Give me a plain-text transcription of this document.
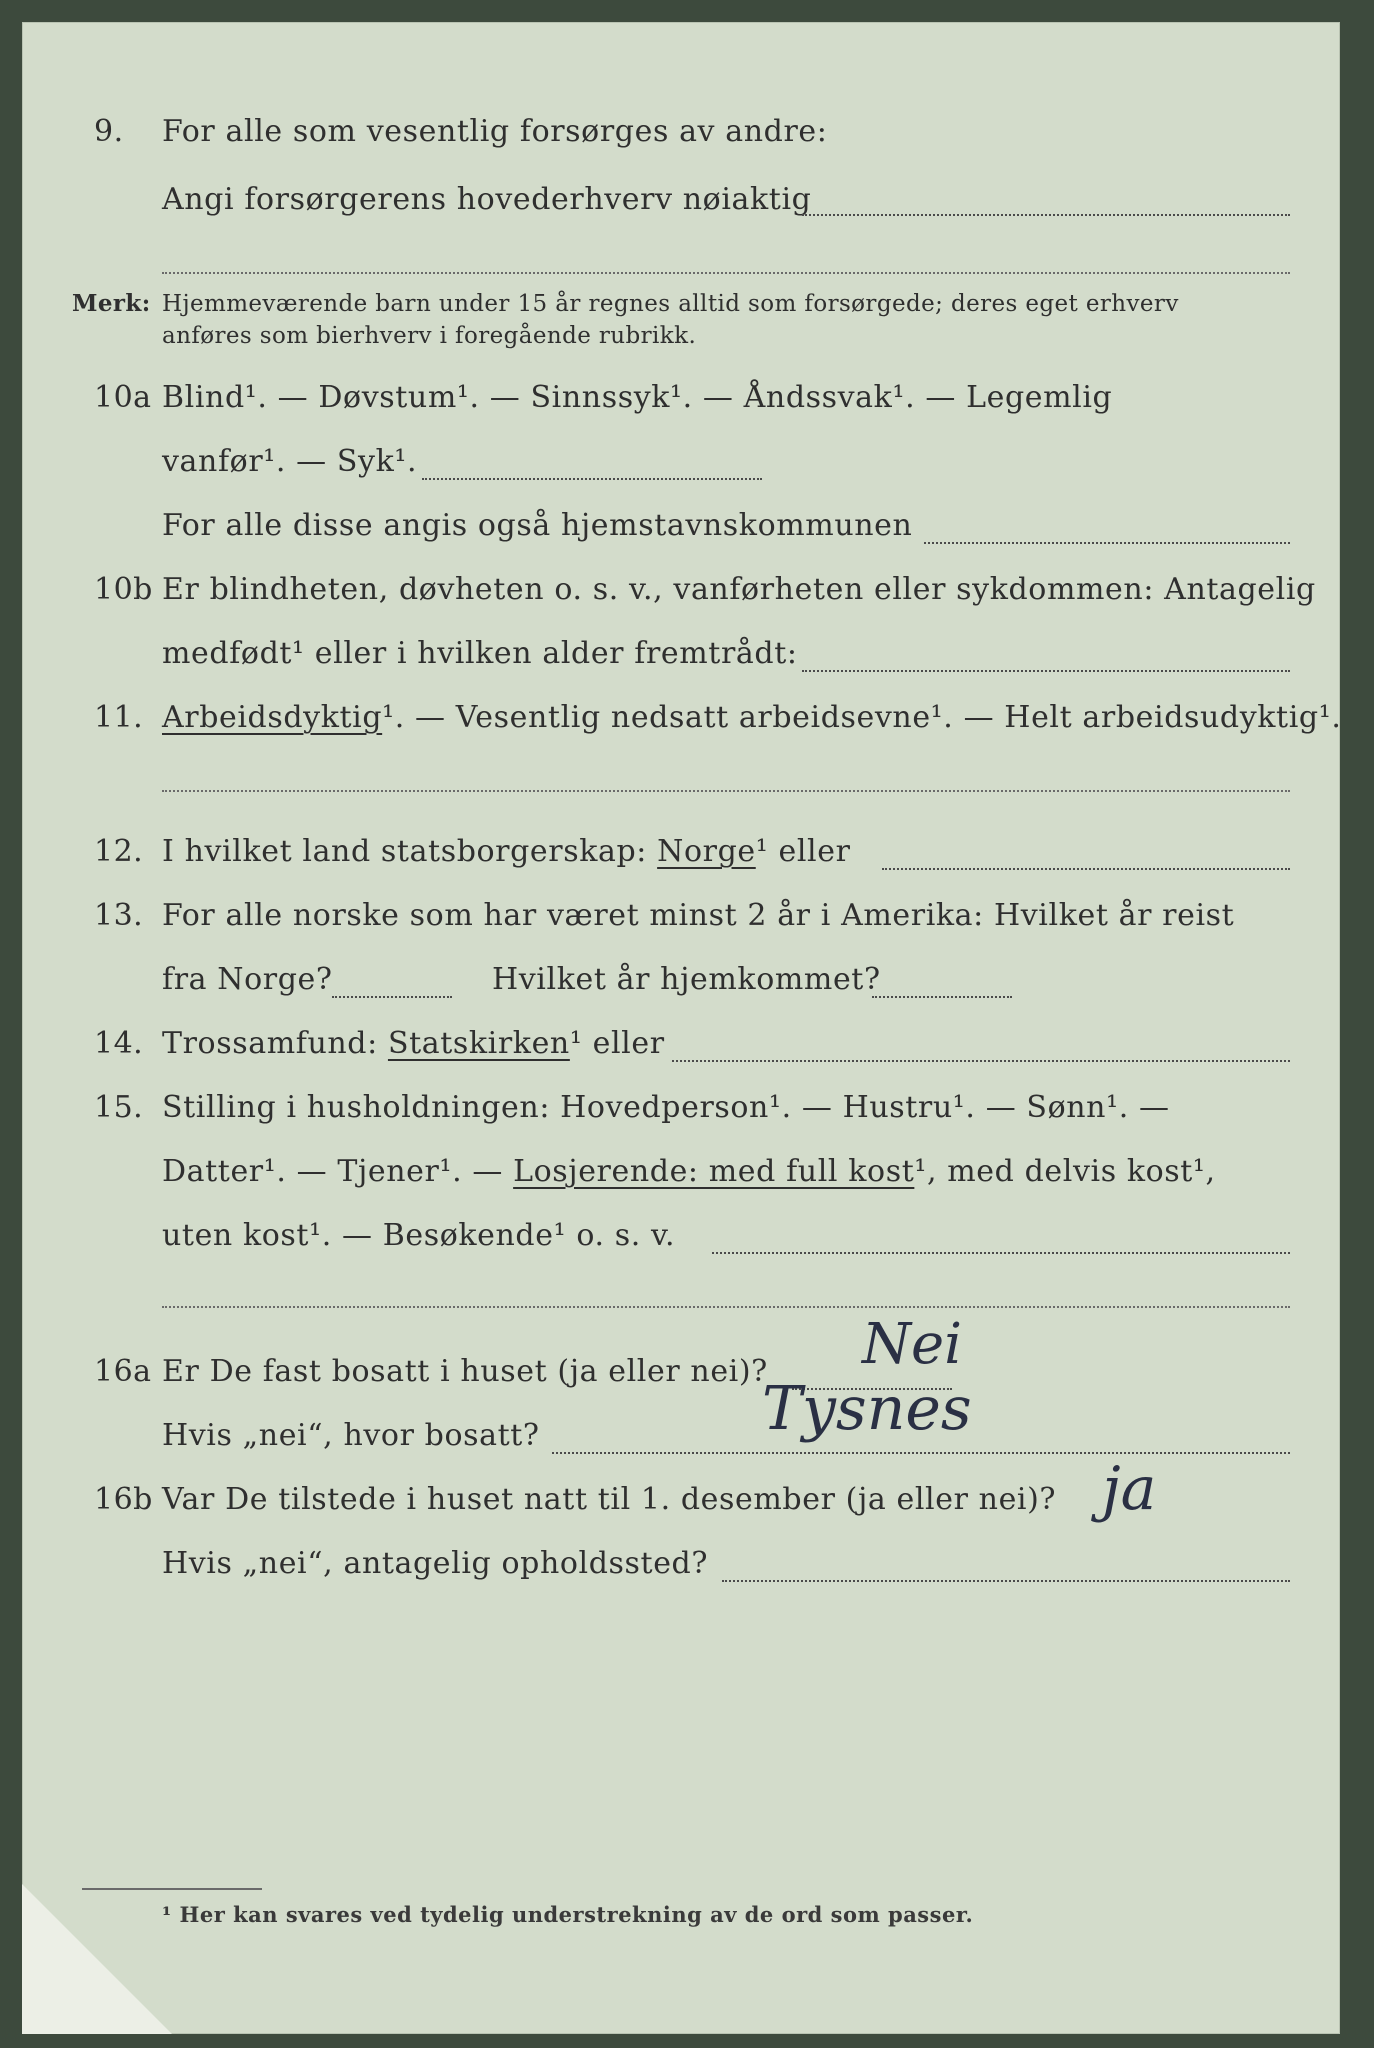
9. For alle som vesentlig forsørges av andre:
Angi forsørgerens hovederhverv nøiaktig
Merk: Hjemmeværende barn under 15 år regnes alltid som forsørgede; deres eget erhverv
anføres som bierhverv i foregående rubrikk.
10a Blind¹. — Døvstum¹. — Sinnssyk¹. — Åndssvak¹. — Legemlig
vanfør¹. — Syk¹.
For alle disse angis også hjemstavnskommunen
10b Er blindheten, døvheten o. s. v., vanførheten eller sykdommen: Antagelig
medfødt¹ eller i hvilken alder fremtrådt:
11. Arbeidsdyktig¹. — Vesentlig nedsatt arbeidsevne¹. — Helt arbeidsudyktig¹.
12. I hvilket land statsborgerskap: Norge¹ eller
13. For alle norske som har været minst 2 år i Amerika: Hvilket år reist
fra Norge?	Hvilket år hjemkommet?
14. Trossamfund: Statskirken¹ eller
15. Stilling i husholdningen: Hovedperson¹. — Hustru¹. — Sønn¹. —
Datter¹. — Tjener¹. — Losjerende: med full kost¹, med delvis kost¹,
uten kost¹. — Besøkende¹ o. s. v.
16a Er De fast bosatt i huset (ja eller nei)? Nei
Hvis „nei“, hvor bosatt?	Tysnes
16b Var De tilstede i huset natt til 1. desember (ja eller nei)? ja
Hvis „nei“, antagelig opholdssted?
¹ Her kan svares ved tydelig understrekning av de ord som passer.
